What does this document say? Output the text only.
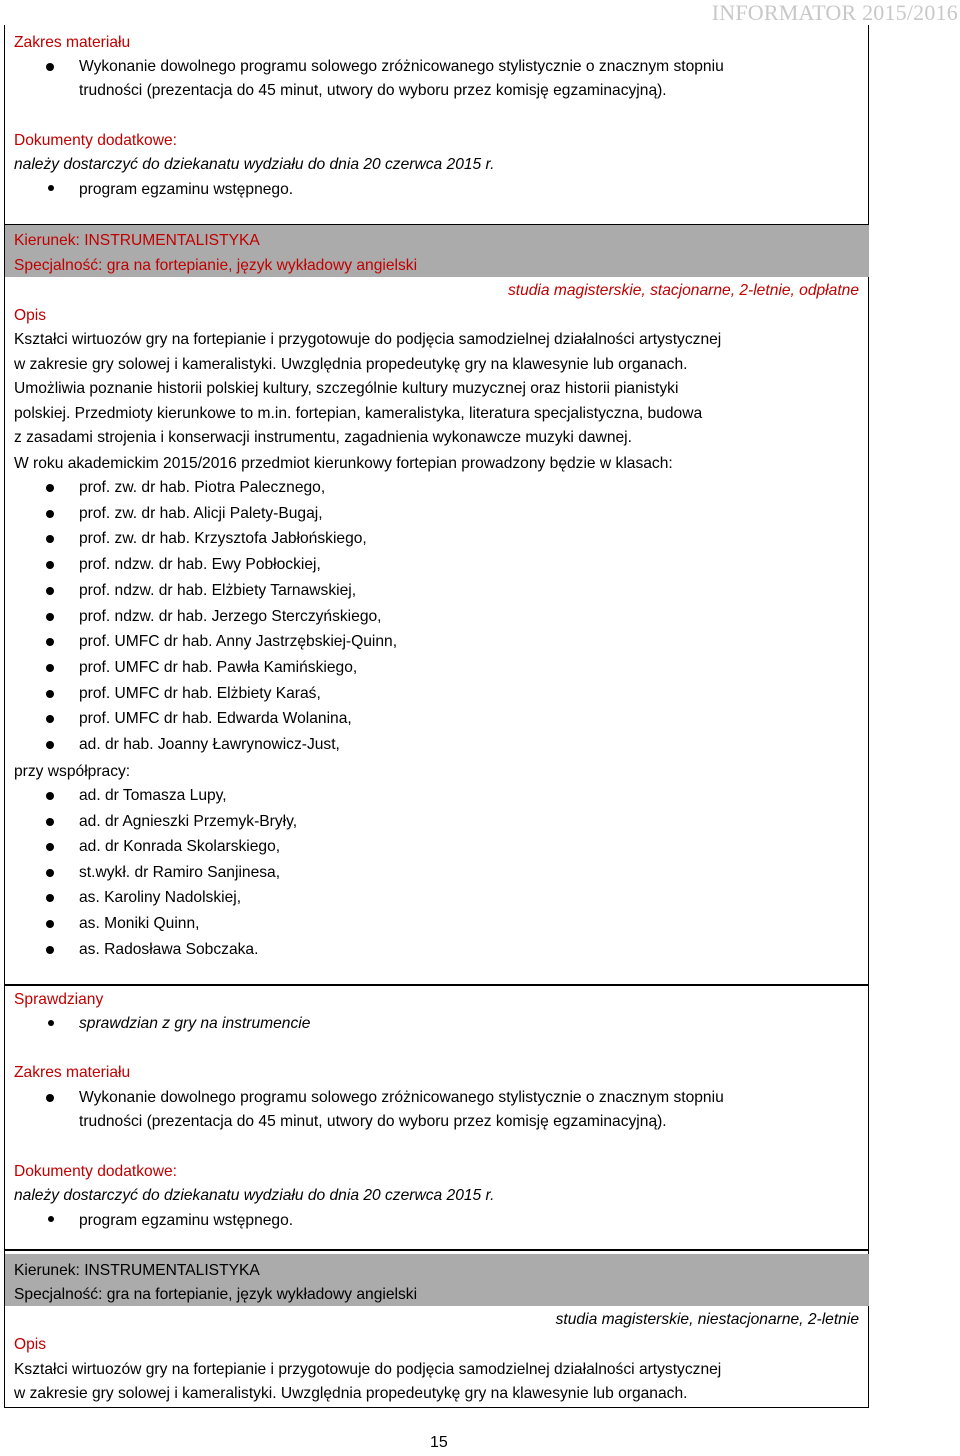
INFORMATOR 2015/2016
Zakres materiału
Wykonanie dowolnego programu solowego zróżnicowanego stylistycznie o znacznym stopniu
trudności (prezentacja do 45 minut, utwory do wyboru przez komisję egzaminacyjną).
Dokumenty dodatkowe:
należy dostarczyć do dziekanatu wydziału do dnia 20 czerwca 2015 r.
program egzaminu wstępnego.
Kierunek: INSTRUMENTALISTYKA
Specjalność: gra na fortepianie, język wykładowy angielski
studia magisterskie, stacjonarne, 2-letnie, odpłatne
Opis
Kształci wirtuozów gry na fortepianie i przygotowuje do podjęcia samodzielnej działalności artystycznej
w zakresie gry solowej i kameralistyki. Uwzględnia propedeutykę gry na klawesynie lub organach.
Umożliwia poznanie historii polskiej kultury, szczególnie kultury muzycznej oraz historii pianistyki
polskiej. Przedmioty kierunkowe to m.in. fortepian, kameralistyka, literatura specjalistyczna, budowa
z zasadami strojenia i konserwacji instrumentu, zagadnienia wykonawcze muzyki dawnej.
W roku akademickim 2015/2016 przedmiot kierunkowy fortepian prowadzony będzie w klasach:
przy współpracy:
Sprawdziany
sprawdzian z gry na instrumencie
Zakres materiału
Wykonanie dowolnego programu solowego zróżnicowanego stylistycznie o znacznym stopniu
trudności (prezentacja do 45 minut, utwory do wyboru przez komisję egzaminacyjną).
Dokumenty dodatkowe:
należy dostarczyć do dziekanatu wydziału do dnia 20 czerwca 2015 r.
program egzaminu wstępnego.
Kierunek: INSTRUMENTALISTYKA
Specjalność: gra na fortepianie, język wykładowy angielski
studia magisterskie, niestacjonarne, 2-letnie
Opis
Kształci wirtuozów gry na fortepianie i przygotowuje do podjęcia samodzielnej działalności artystycznej
w zakresie gry solowej i kameralistyki. Uwzględnia propedeutykę gry na klawesynie lub organach.
15
prof. zw. dr hab. Piotra Palecznego,
prof. zw. dr hab. Alicji Palety-Bugaj,
prof. zw. dr hab. Krzysztofa Jabłońskiego,
prof. ndzw. dr hab. Ewy Pobłockiej,
prof. ndzw. dr hab. Elżbiety Tarnawskiej,
prof. ndzw. dr hab. Jerzego Sterczyńskiego,
prof. UMFC dr hab. Anny Jastrzębskiej-Quinn,
prof. UMFC dr hab. Pawła Kamińskiego,
prof. UMFC dr hab. Elżbiety Karaś,
prof. UMFC dr hab. Edwarda Wolanina,
ad. dr hab. Joanny Ławrynowicz-Just,
ad. dr Tomasza Lupy,
ad. dr Agnieszki Przemyk-Bryły,
ad. dr Konrada Skolarskiego,
st.wykł. dr Ramiro Sanjinesa,
as. Karoliny Nadolskiej,
as. Moniki Quinn,
as. Radosława Sobczaka.
